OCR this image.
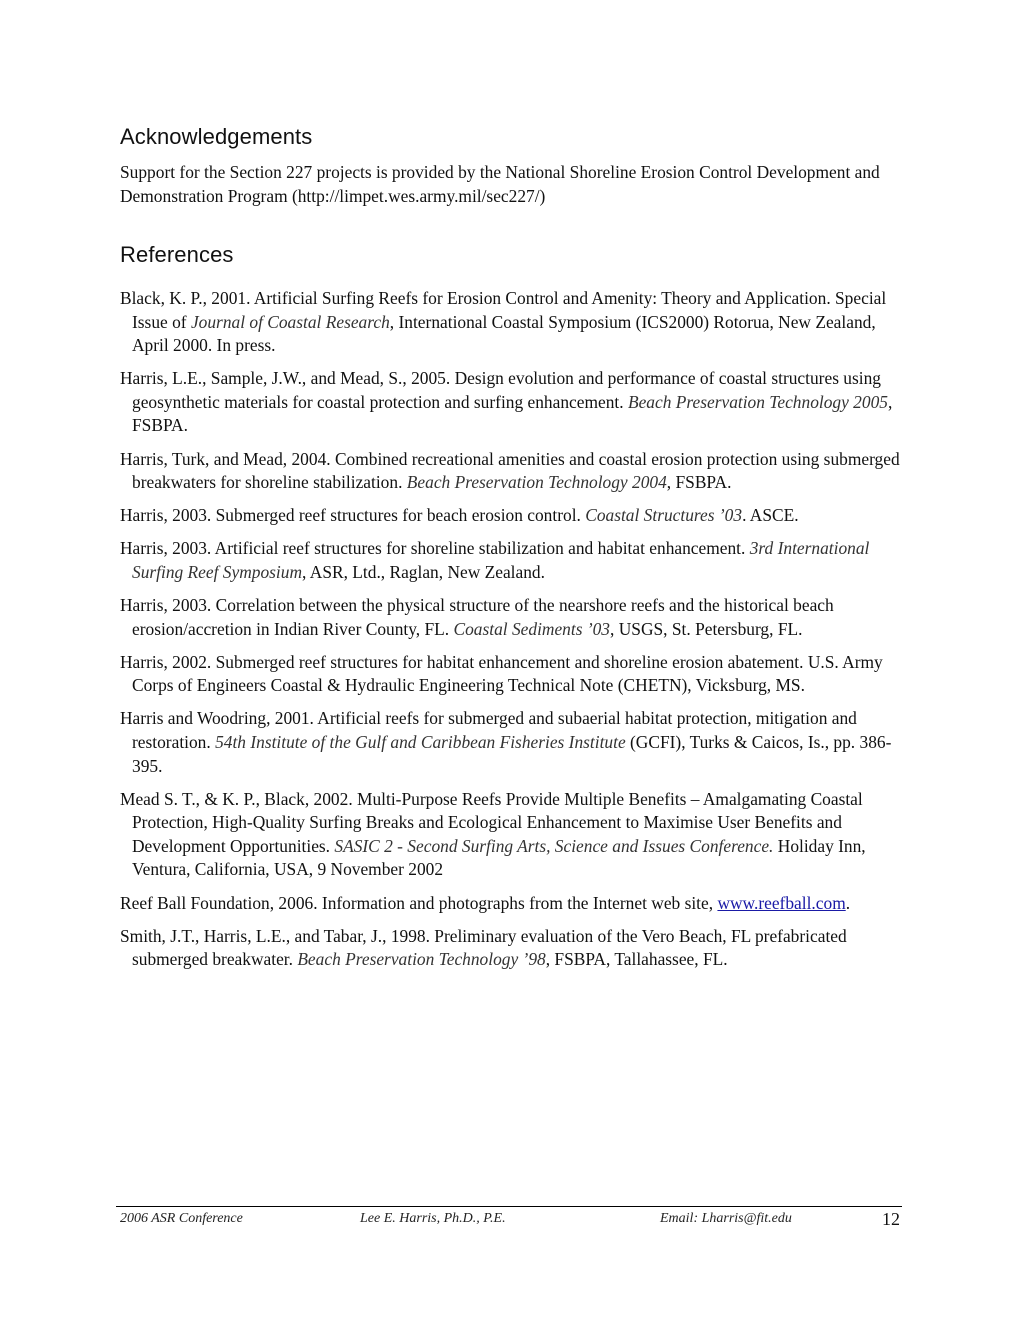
Acknowledgements

Support for the Section 227 projects is provided by the National Shoreline Erosion Control Development and Demonstration Program (http://limpet.wes.army.mil/sec227/)

References
Black, K. P., 2001. Artificial Surfing Reefs for Erosion Control and Amenity: Theory and Application. Special Issue of Journal of Coastal Research, International Coastal Symposium (ICS2000) Rotorua, New Zealand, April 2000. In press.
Harris, L.E., Sample, J.W., and Mead, S., 2005. Design evolution and performance of coastal structures using geosynthetic materials for coastal protection and surfing enhancement. Beach Preservation Technology 2005, FSBPA.
Harris, Turk, and Mead, 2004. Combined recreational amenities and coastal erosion protection using submerged breakwaters for shoreline stabilization. Beach Preservation Technology 2004, FSBPA.
Harris, 2003. Submerged reef structures for beach erosion control. Coastal Structures ’03. ASCE.
Harris, 2003. Artificial reef structures for shoreline stabilization and habitat enhancement. 3rd International Surfing Reef Symposium, ASR, Ltd., Raglan, New Zealand.
Harris, 2003. Correlation between the physical structure of the nearshore reefs and the historical beach erosion/accretion in Indian River County, FL. Coastal Sediments ’03, USGS, St. Petersburg, FL.
Harris, 2002. Submerged reef structures for habitat enhancement and shoreline erosion abatement. U.S. Army Corps of Engineers Coastal & Hydraulic Engineering Technical Note (CHETN), Vicksburg, MS.
Harris and Woodring, 2001. Artificial reefs for submerged and subaerial habitat protection, mitigation and restoration. 54th Institute of the Gulf and Caribbean Fisheries Institute (GCFI), Turks & Caicos, Is., pp. 386-395.
Mead S. T., & K. P., Black, 2002. Multi-Purpose Reefs Provide Multiple Benefits – Amalgamating Coastal Protection, High-Quality Surfing Breaks and Ecological Enhancement to Maximise User Benefits and Development Opportunities. SASIC 2 - Second Surfing Arts, Science and Issues Conference. Holiday Inn, Ventura, California, USA, 9 November 2002
Reef Ball Foundation, 2006. Information and photographs from the Internet web site, www.reefball.com.
Smith, J.T., Harris, L.E., and Tabar, J., 1998. Preliminary evaluation of the Vero Beach, FL prefabricated submerged breakwater. Beach Preservation Technology ’98, FSBPA, Tallahassee, FL.
2006 ASR Conference	Lee E. Harris, Ph.D., P.E.	Email: Lharris@fit.edu	12
